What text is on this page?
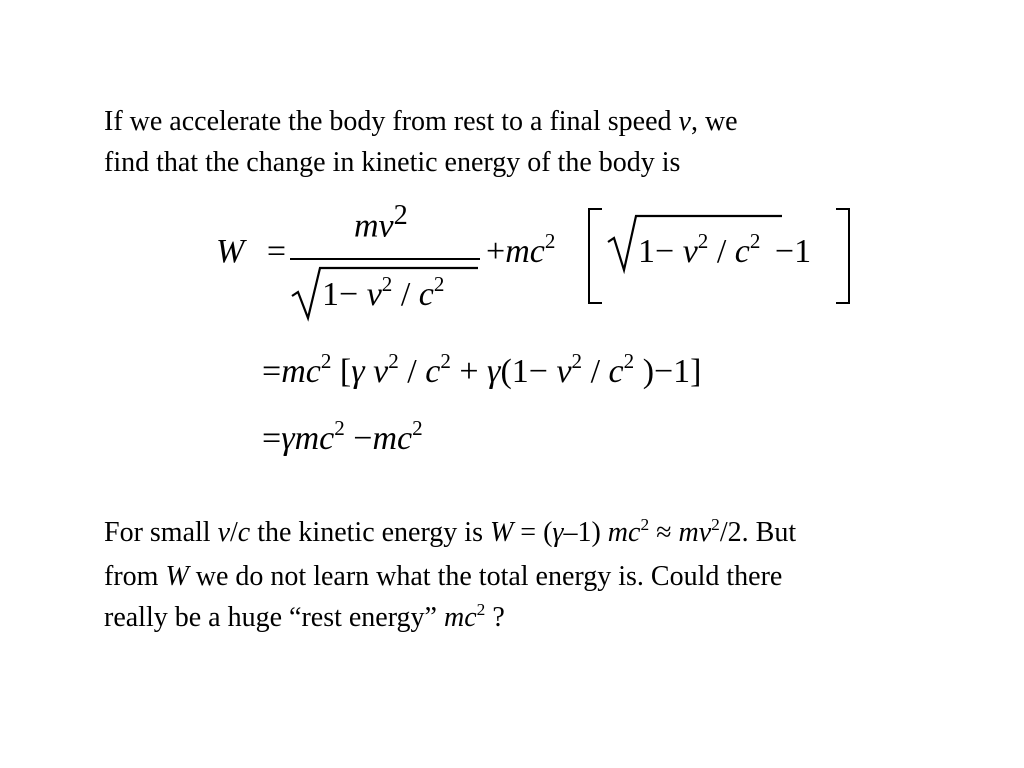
If we accelerate the body from rest to a final speed v, we
find that the change in kinetic energy of the body is

W =
$mv^2$
$1- v^2 / c^2$
$+mc^2$ $1- v^2 / c^2 -1$
$=mc^2$ [γ $v^2 / c^2 + \gamma(1- v^2 / c^2$ )−1]
$=\gamma mc^2 -mc^2$

For small v/c the kinetic energy is W = (γ–1) $mc^2 \approx mv^2/2$. But
from W we do not learn what the total energy is. Could there
really be a huge “rest energy” $mc^2$ ?
